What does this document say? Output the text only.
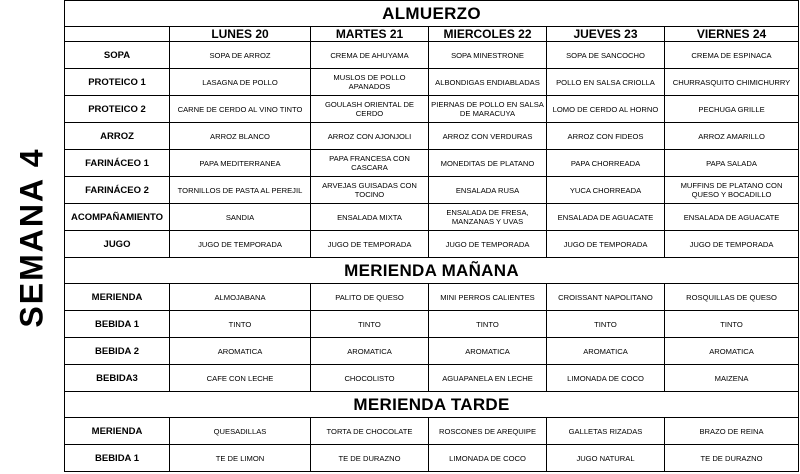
SEMANA 4
ALMUERZO					
	LUNES 20	MARTES 21	MIERCOLES 22	JUEVES 23	VIERNES 24
SOPA	SOPA DE ARROZ	CREMA DE AHUYAMA	SOPA MINESTRONE	SOPA DE SANCOCHO	CREMA DE ESPINACA
PROTEICO 1	LASAGNA DE POLLO	MUSLOS DE POLLO APANADOS	ALBONDIGAS ENDIABLADAS	POLLO EN SALSA CRIOLLA	CHURRASQUITO CHIMICHURRY
PROTEICO 2	CARNE DE CERDO AL VINO TINTO	GOULASH ORIENTAL DE CERDO	PIERNAS DE POLLO EN SALSA DE MARACUYA	LOMO DE CERDO AL HORNO	PECHUGA GRILLE
ARROZ	ARROZ BLANCO	ARROZ CON AJONJOLI	ARROZ CON VERDURAS	ARROZ CON FIDEOS	ARROZ AMARILLO
FARINÁCEO 1	PAPA MEDITERRANEA	PAPA FRANCESA CON CASCARA	MONEDITAS DE PLATANO	PAPA CHORREADA	PAPA SALADA
FARINÁCEO 2	TORNILLOS DE PASTA AL PEREJIL	ARVEJAS GUISADAS CON TOCINO	ENSALADA RUSA	YUCA CHORREADA	MUFFINS DE PLATANO CON QUESO Y BOCADILLO
ACOMPAÑAMIENTO	SANDIA	ENSALADA MIXTA	ENSALADA DE FRESA, MANZANAS Y UVAS	ENSALADA DE AGUACATE	ENSALADA DE AGUACATE
JUGO	JUGO DE TEMPORADA	JUGO DE TEMPORADA	JUGO DE TEMPORADA	JUGO DE TEMPORADA	JUGO DE TEMPORADA
MERIENDA MAÑANA					
MERIENDA	ALMOJABANA	PALITO DE QUESO	MINI PERROS CALIENTES	CROISSANT NAPOLITANO	ROSQUILLAS DE QUESO
BEBIDA 1	TINTO	TINTO	TINTO	TINTO	TINTO
BEBIDA 2	AROMATICA	AROMATICA	AROMATICA	AROMATICA	AROMATICA
BEBIDA3	CAFE CON LECHE	CHOCOLISTO	AGUAPANELA EN LECHE	LIMONADA DE COCO	MAIZENA
MERIENDA TARDE					
MERIENDA	QUESADILLAS	TORTA DE CHOCOLATE	ROSCONES DE AREQUIPE	GALLETAS RIZADAS	BRAZO DE REINA
BEBIDA 1	TE DE LIMON	TE DE DURAZNO	LIMONADA DE COCO	JUGO NATURAL	TE DE DURAZNO
